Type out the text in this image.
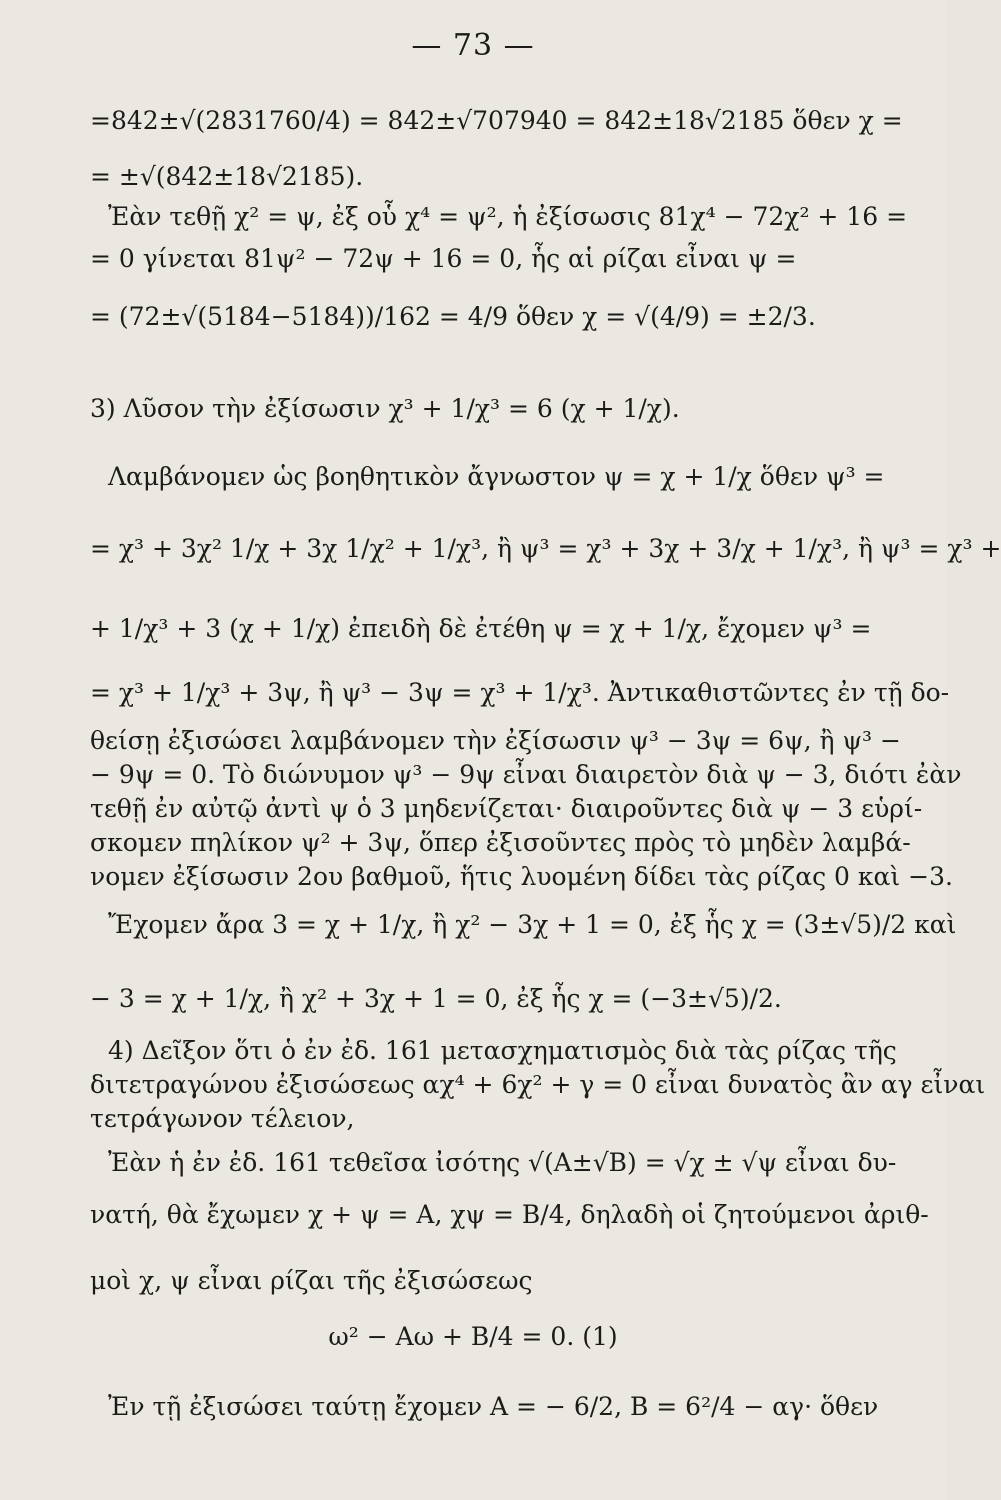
— 73 —
=842±√(2831760/4) = 842±√707940 = 842±18√2185 ὅθεν χ =
= ±√(842±18√2185).
Ἐὰν τεθῇ χ² = ψ, ἐξ οὗ χ⁴ = ψ², ἡ ἐξίσωσις 81χ⁴ − 72χ² + 16 =
= 0 γίνεται 81ψ² − 72ψ + 16 = 0, ἧς αἱ ρίζαι εἶναι ψ =
= (72±√(5184−5184))/162 = 4/9 ὅθεν χ = √(4/9) = ±2/3.
3) Λῦσον τὴν ἐξίσωσιν χ³ + 1/χ³ = 6 (χ + 1/χ).
Λαμβάνομεν ὡς βοηθητικὸν ἄγνωστον ψ = χ + 1/χ ὅθεν ψ³ =
= χ³ + 3χ² 1/χ + 3χ 1/χ² + 1/χ³, ἢ ψ³ = χ³ + 3χ + 3/χ + 1/χ³, ἢ ψ³ = χ³ +
+ 1/χ³ + 3 (χ + 1/χ) ἐπειδὴ δὲ ἐτέθη ψ = χ + 1/χ, ἔχομεν ψ³ =
= χ³ + 1/χ³ + 3ψ, ἢ ψ³ − 3ψ = χ³ + 1/χ³. Ἀντικαθιστῶντες ἐν τῇ δο-
θείσῃ ἐξισώσει λαμβάνομεν τὴν ἐξίσωσιν ψ³ − 3ψ = 6ψ, ἢ ψ³ −
− 9ψ = 0. Τὸ διώνυμον ψ³ − 9ψ εἶναι διαιρετὸν διὰ ψ − 3, διότι ἐὰν
τεθῇ ἐν αὐτῷ ἀντὶ ψ ὁ 3 μηδενίζεται· διαιροῦντες διὰ ψ − 3 εὑρί-
σκομεν πηλίκον ψ² + 3ψ, ὅπερ ἐξισοῦντες πρὸς τὸ μηδὲν λαμβά-
νομεν ἐξίσωσιν 2ου βαθμοῦ, ἥτις λυομένη δίδει τὰς ρίζας 0 καὶ −3.
Ἔχομεν ἄρα 3 = χ + 1/χ, ἢ χ² − 3χ + 1 = 0, ἐξ ἧς χ = (3±√5)/2 καὶ
− 3 = χ + 1/χ, ἢ χ² + 3χ + 1 = 0, ἐξ ἧς χ = (−3±√5)/2.
4) Δεῖξον ὅτι ὁ ἐν ἐδ. 161 μετασχηματισμὸς διὰ τὰς ρίζας τῆς
διτετραγώνου ἐξισώσεως αχ⁴ + 6χ² + γ = 0 εἶναι δυνατὸς ἂν αγ εἶναι
τετράγωνον τέλειον,
Ἐὰν ἡ ἐν ἐδ. 161 τεθεῖσα ἰσότης √(A±√B) = √χ ± √ψ εἶναι δυ-
νατή, θὰ ἔχωμεν χ + ψ = A, χψ = B/4, δηλαδὴ οἱ ζητούμενοι ἀριθ-
μοὶ χ, ψ εἶναι ρίζαι τῆς ἐξισώσεως
ω² − Aω + B/4 = 0. (1)
Ἐν τῇ ἐξισώσει ταύτῃ ἔχομεν A = − 6/2, B = 6²/4 − αγ· ὅθεν
